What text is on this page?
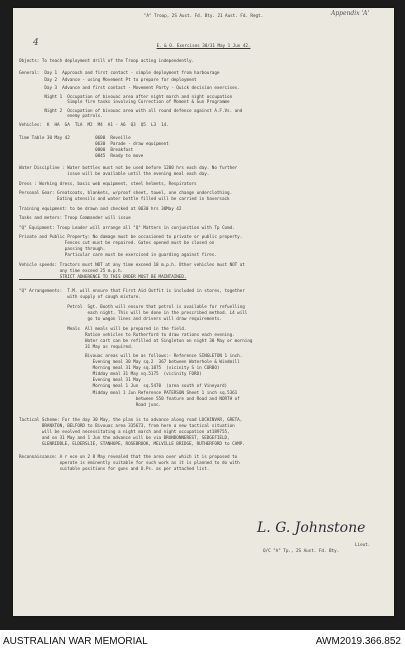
"A" Troop, 2S Aust. Fd. Bty. 21 Aust. Fd. Regt.	Appendix 'A'
4	E. & O. Exercises 30/31 May 1 Jun 42.
Objects: To teach deployment drill of the Troop acting independently.
General:  Day 1  Approach and first contact - simple deployment from harbourage
Day 2  Advance - using Movement Pt to prepare for deployment
Day 3  Advance and first contact - Movement Party - Quick decision exercises.
Night 1  Occupation of bivouac area after night march and night occupation
Simple fire tasks involving Correction of Moment & Gun Programme
Night 2  Occupation of bivouac area with all round defence against A.F.Vs. and
enemy patrols.
Vehicles:  K  HA  GA  TLA  M2  M4  A1 - A6  Q3  Q5  L3  14.
Time Table 30 May 42          0600  Reveille
0630  Parade - draw equipment
0800  Breakfast
0845  Ready to move
Water Discipline : Water bottles must not be used before 1200 hrs each day. No further
issue will be available until the evening meal each day.
Dress : Working dress, basic web equipment, steel helmets, Respirators
Personal Gear: Greatcoats, blankets, w/proof sheet, towel, one change underclothing.
Eating utensils and water bottle filled will be carried in haversack
Training equipment: to be drawn and checked at 0630 hrs 30May 42
Tasks and meters: Troop Commander will issue
"Q" Equipment: Troop Leader will arrange all "Q" Matters in conjunction with Tp Comd.
Private and Public Property: No damage must be occasioned to private or public property.
Fences cut must be repaired. Gates opened must be closed on
passing through.
Particular care must be exercised in guarding against fires.
Vehicle speeds: Tractors must NOT at any time exceed 18 m.p.h. Other vehicles must NOT at
any time exceed 25 m.p.h.
STRICT ADHERENCE TO THIS ORDER MUST BE MAINTAINED.
"Q" Arrangements:  T.M. will ensure that First Aid Outfit is included in stores, together
with supply of cough mixture.
Petrol  Sgt. Booth will ensure that petrol is available for refuelling
each night. This will be done in the prescribed method. L4 will
go to wagon lines and drivers will draw requirements.
Meals  All meals will be prepared in the field.
Ration vehicles to Rutherford to draw rations each evening.
Water cart can be refilled at Singleton on night 30 May or morning
31 May as required.
Bivouac areas will be as follows:- Reference SINGLETON 1 inch.
Evening meal 30 May sq.2  367 between Waterhole & Windmill
Morning meal 31 May sq.1875  (vicinity S in CORBO)
Midday meal 31 May sq.5175  (vicinity FORD)
Evening meal 31 May
Morning meal 1 Jun  sq.5470  (area south of Vineyard)
Midday meal 1 Jun Reference PATERSON Sheet 1 inch sq.5361
between 550 feature and Road and NORTH of
Road junc.
Tactical Scheme: For the day 30 May, the plan is to advance along road LOCHINVAR, GRETA,
BRANXTON, BELFORD to Bivouac area 335673, from here a new tactical situation
will be evolved necessitating a night march and night occupation at189755,
and on 31 May and 1 Jun the advance will be via BRUNDONNEREST, SEDGEFIELD,
GLENRIDDLE, ELDERSLIE, STANHOPE, ROSEBROOK, MELVILLE BRIDGE, RUTHERFORD to CAMP.
Reconnaissance: A r ece on 2 8 May revealed that the area over which it is proposed to
operate is eminently suitable for such work as it is planned to do with
suitable positions for guns and O.Ps. as per attached list.
L. G. Johnstone
Lieut.
O/C "A" Tp., 2S Aust. Fd. Bty.
AUSTRALIAN WAR MEMORIAL	AWM2019.366.852
